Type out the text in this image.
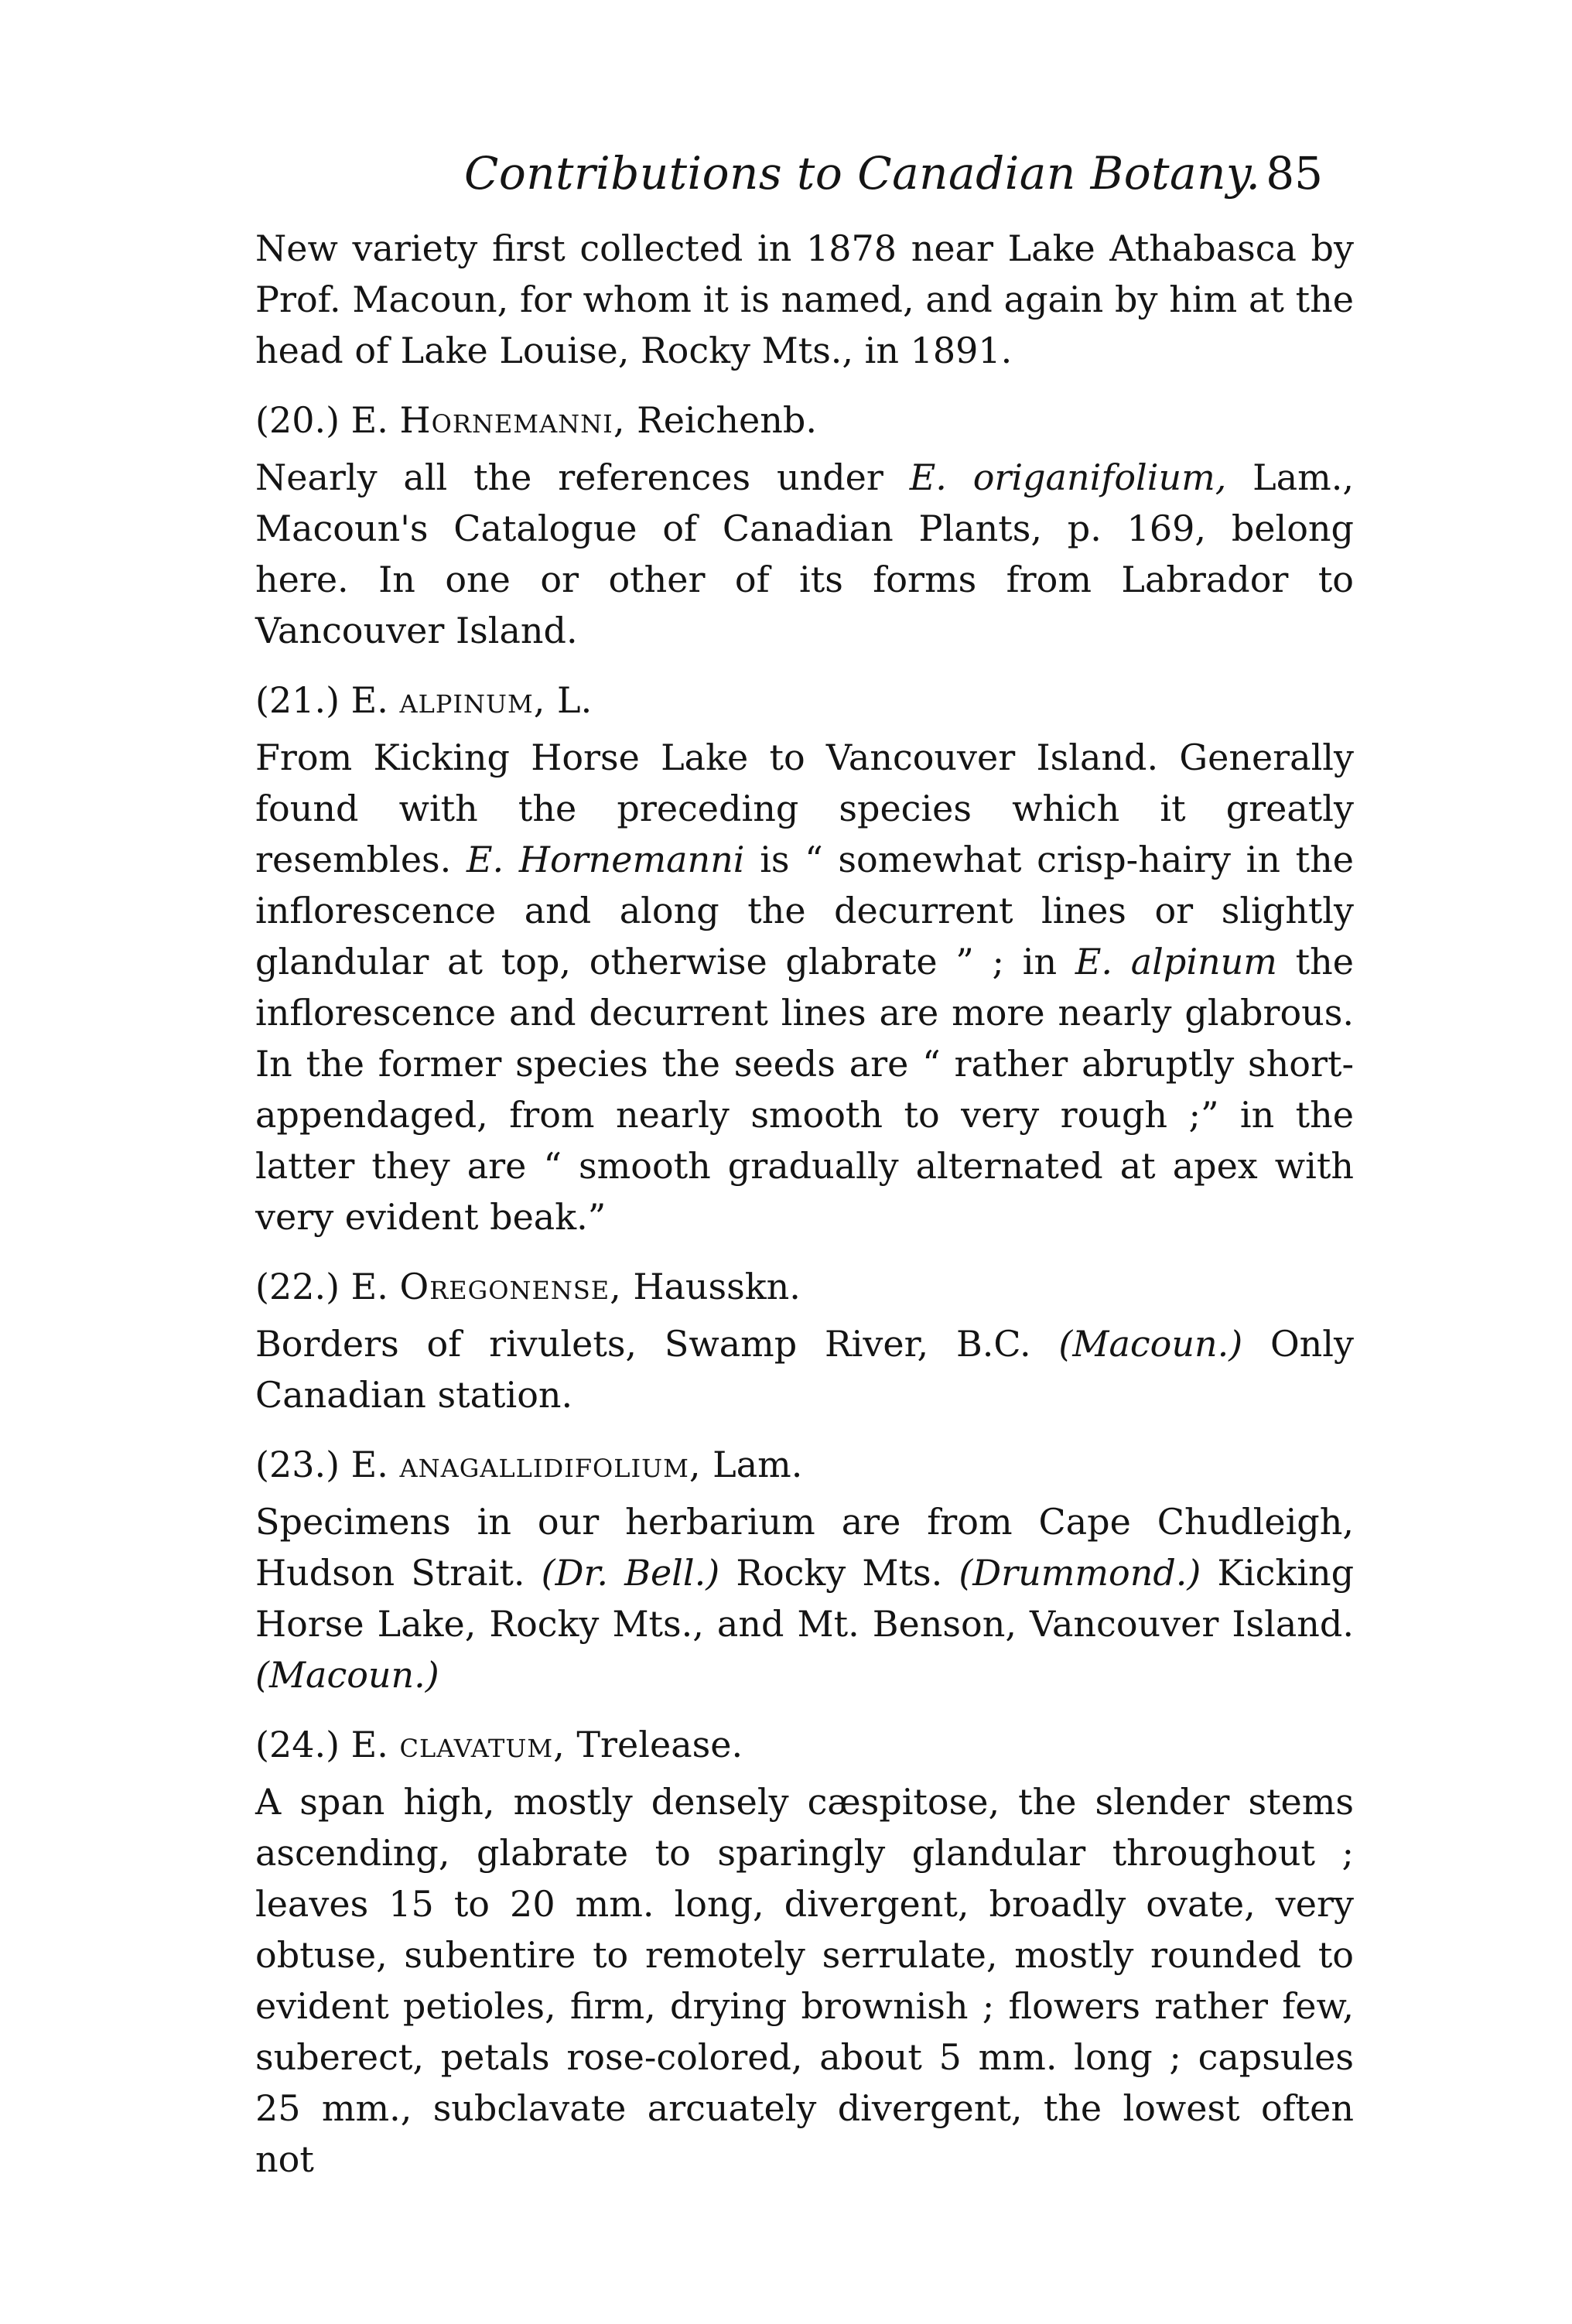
Contributions to Canadian Botany. 85

New variety first collected in 1878 near Lake Athabasca by Prof. Macoun, for whom it is named, and again by him at the head of Lake Louise, Rocky Mts., in 1891.

(20.) E. Hornemanni, Reichenb.

Nearly all the references under E. origanifolium, Lam., Macoun's Catalogue of Canadian Plants, p. 169, belong here. In one or other of its forms from Labrador to Vancouver Island.

(21.) E. alpinum, L.

From Kicking Horse Lake to Vancouver Island. Generally found with the preceding species which it greatly resembles. E. Hornemanni is “ somewhat crisp-hairy in the inflorescence and along the decurrent lines or slightly glandular at top, otherwise glabrate ” ; in E. alpinum the inflorescence and decurrent lines are more nearly glabrous. In the former species the seeds are “ rather abruptly short-appendaged, from nearly smooth to very rough ;” in the latter they are “ smooth gradually alternated at apex with very evident beak.”

(22.) E. Oregonense, Hausskn.

Borders of rivulets, Swamp River, B.C. (Macoun.) Only Canadian station.

(23.) E. anagallidifolium, Lam.

Specimens in our herbarium are from Cape Chudleigh, Hudson Strait. (Dr. Bell.) Rocky Mts. (Drummond.) Kicking Horse Lake, Rocky Mts., and Mt. Benson, Vancouver Island. (Macoun.)

(24.) E. clavatum, Trelease.

A span high, mostly densely cæspitose, the slender stems ascending, glabrate to sparingly glandular throughout ; leaves 15 to 20 mm. long, divergent, broadly ovate, very obtuse, subentire to remotely serrulate, mostly rounded to evident petioles, firm, drying brownish ; flowers rather few, suberect, petals rose-colored, about 5 mm. long ; capsules 25 mm., subclavate arcuately divergent, the lowest often not
